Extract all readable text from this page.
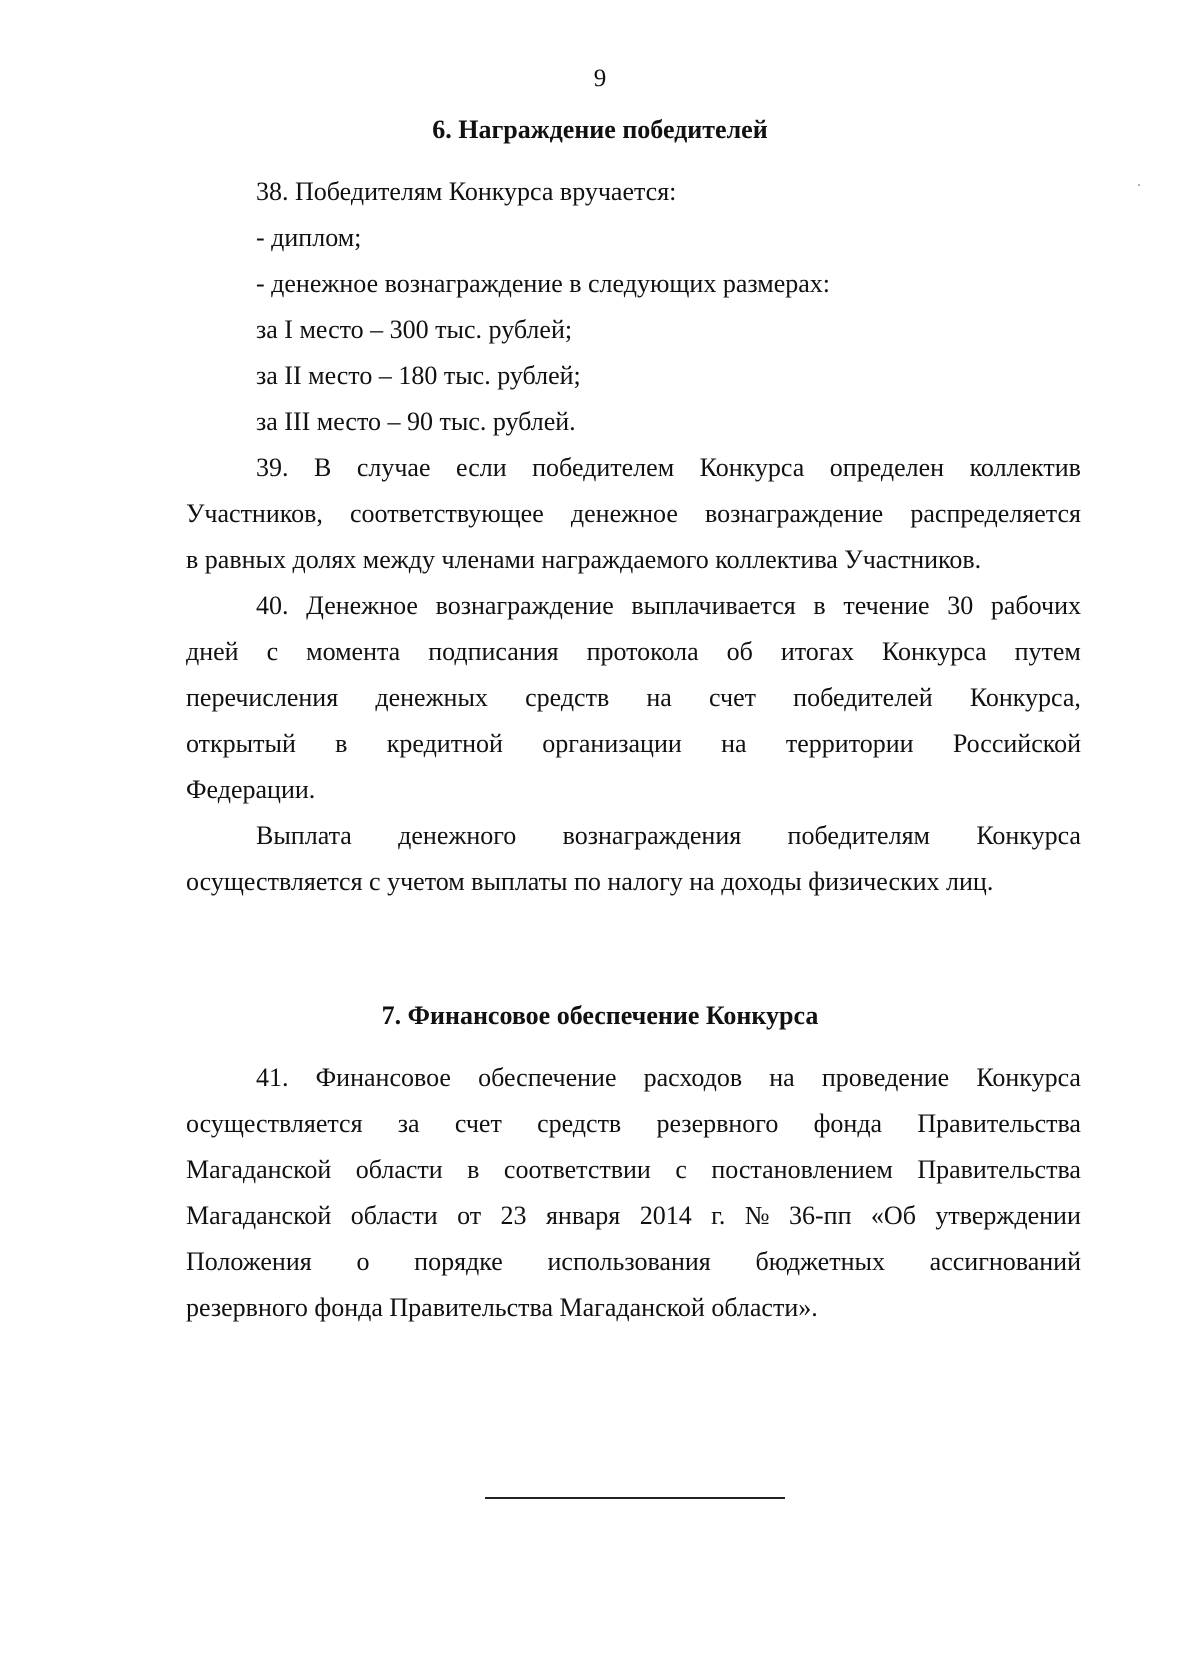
9
6. Награждение победителей
38. Победителям Конкурса вручается:
- диплом;
- денежное вознаграждение в следующих размерах:
за I место – 300 тыс. рублей;
за II место – 180 тыс. рублей;
за III место – 90 тыс. рублей.
39. В случае если победителем Конкурса определен коллектив
Участников, соответствующее денежное вознаграждение распределяется
в равных долях между членами награждаемого коллектива Участников.
40. Денежное вознаграждение выплачивается в течение 30 рабочих
дней с момента подписания протокола об итогах Конкурса путем
перечисления денежных средств на счет победителей Конкурса,
открытый в кредитной организации на территории Российской
Федерации.
Выплата денежного вознаграждения победителям Конкурса
осуществляется с учетом выплаты по налогу на доходы физических лиц.
7. Финансовое обеспечение Конкурса
41. Финансовое обеспечение расходов на проведение Конкурса
осуществляется за счет средств резервного фонда Правительства
Магаданской области в соответствии с постановлением Правительства
Магаданской области от 23 января 2014 г. № 36-пп «Об утверждении
Положения о порядке использования бюджетных ассигнований
резервного фонда Правительства Магаданской области».
